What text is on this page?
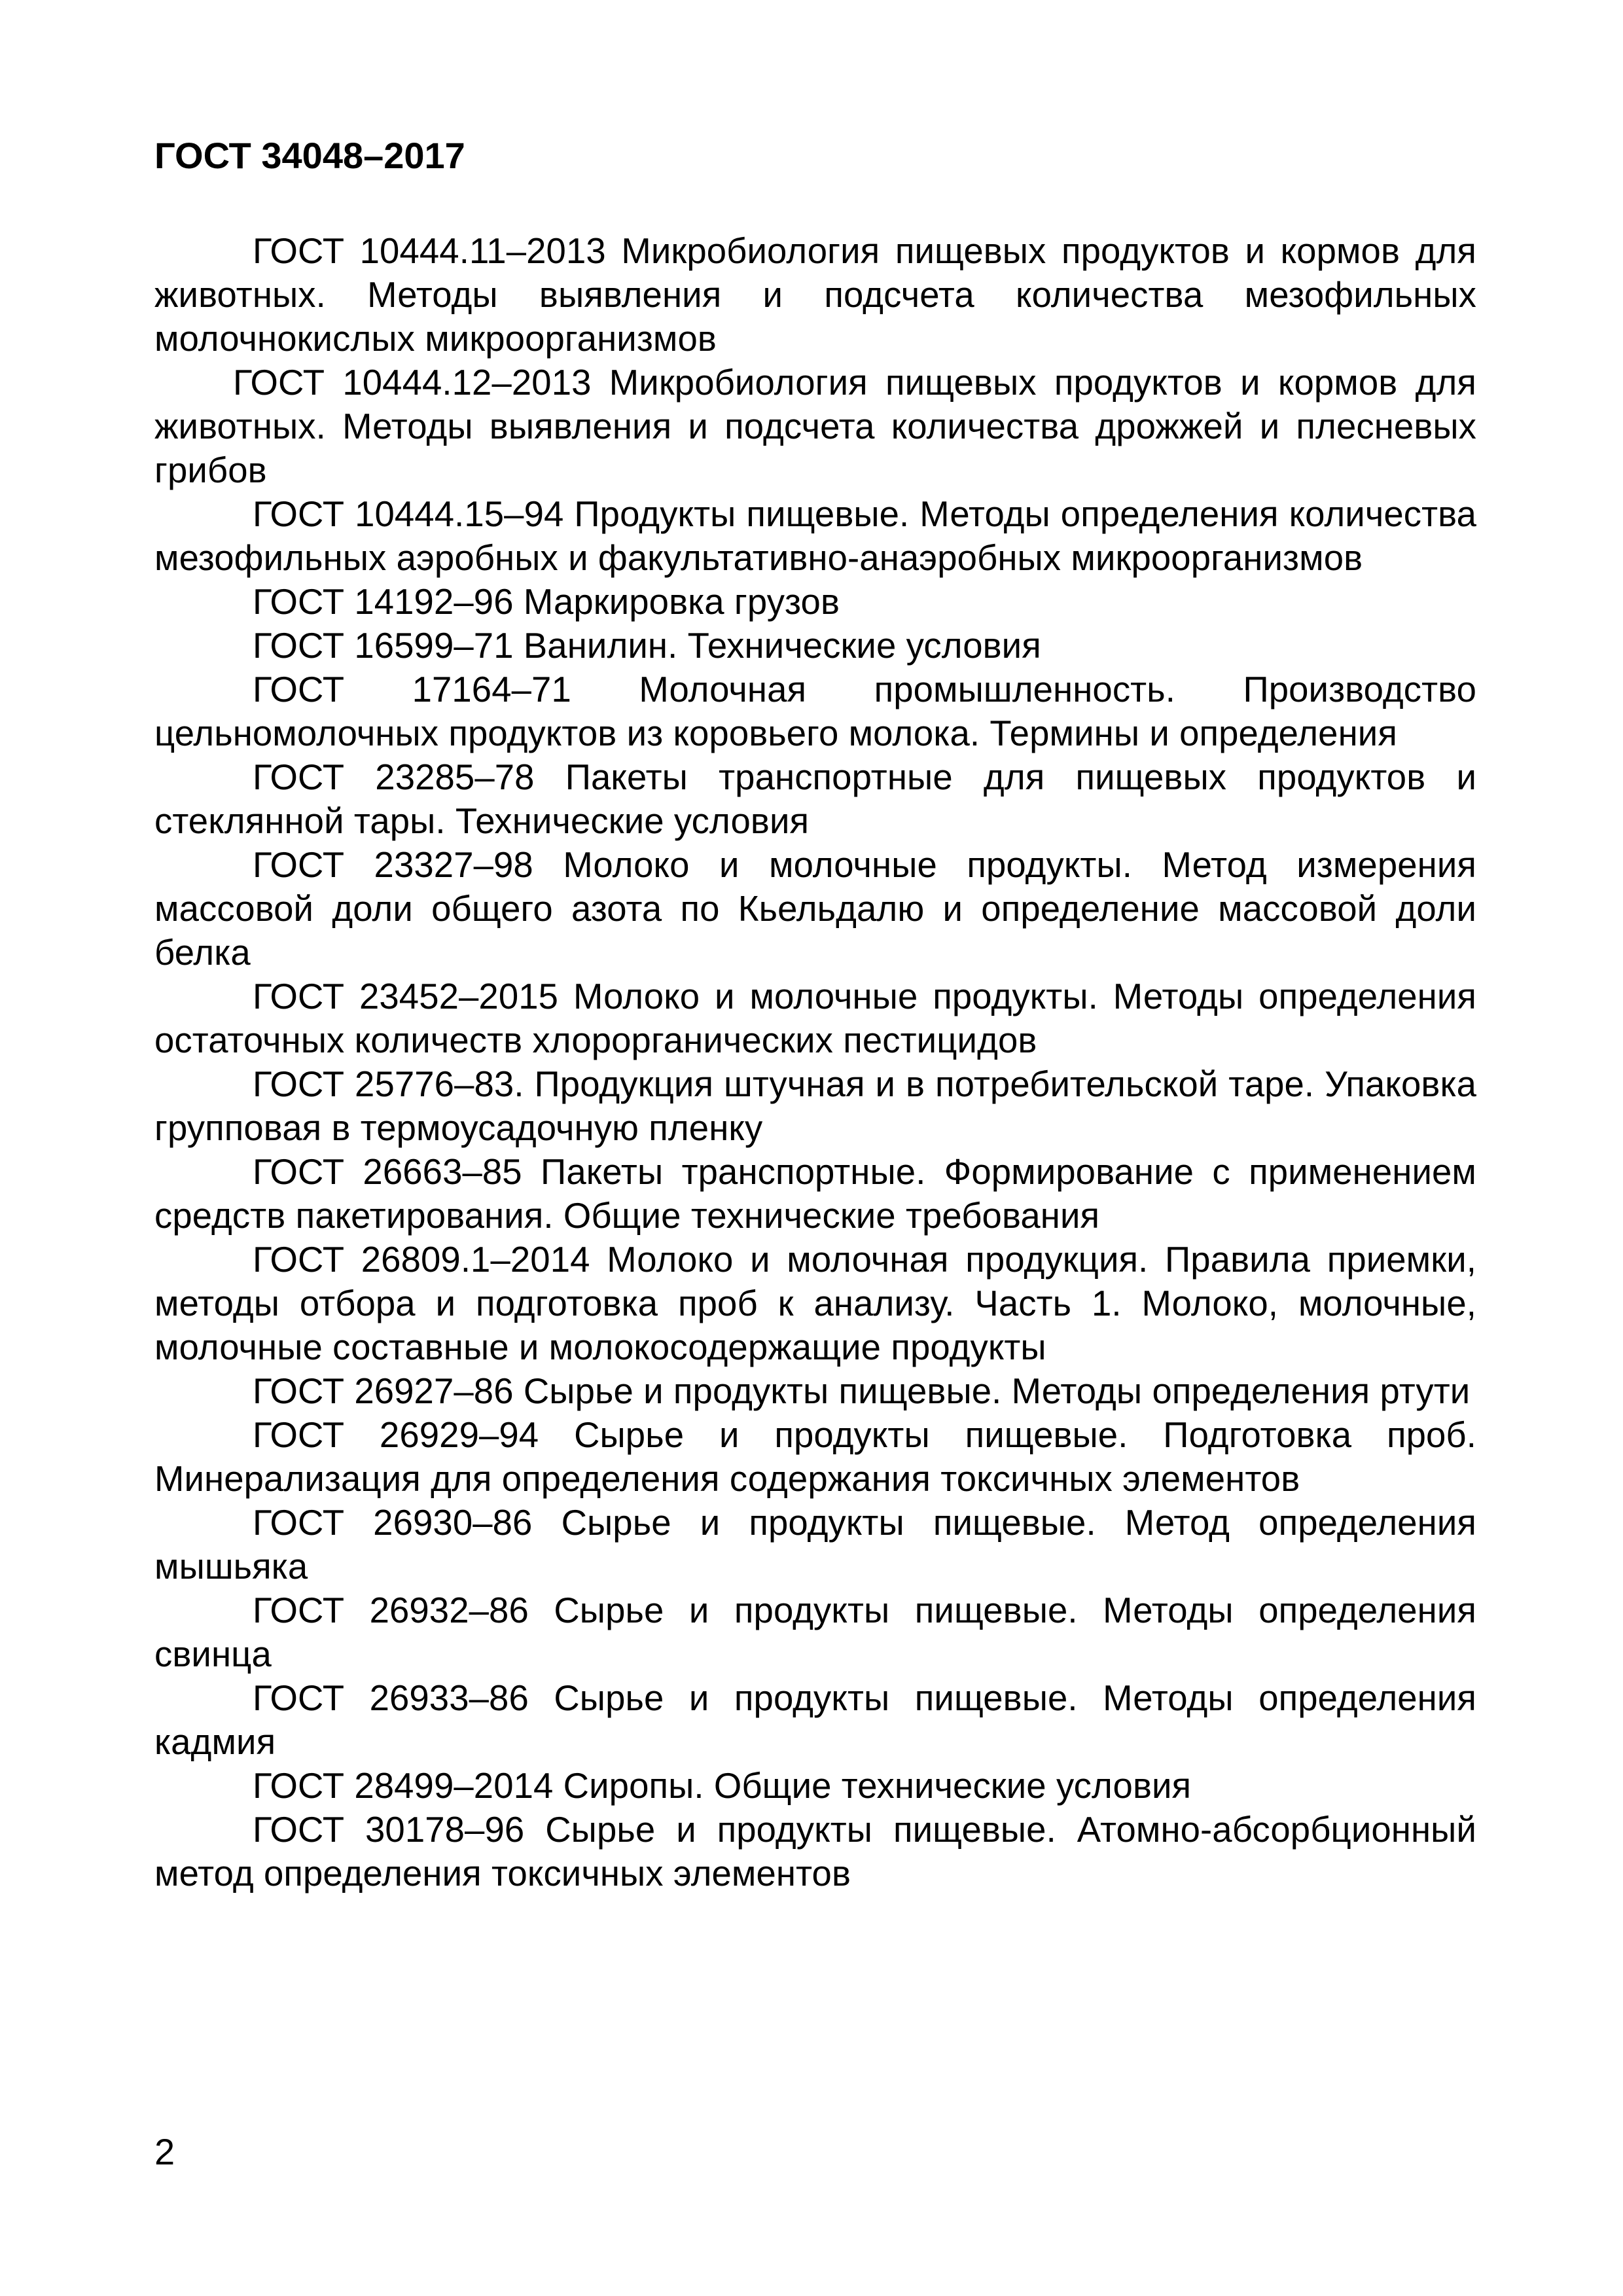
ГОСТ 34048–2017

ГОСТ 10444.11–2013 Микробиология пищевых продуктов и кормов для животных. Методы выявления и подсчета количества мезофильных молочнокислых микроорганизмов

ГОСТ 10444.12–2013 Микробиология пищевых продуктов и кормов для животных. Методы выявления и подсчета количества дрожжей и плесневых грибов

ГОСТ 10444.15–94 Продукты пищевые. Методы определения количества мезофильных аэробных и факультативно-анаэробных микроорганизмов

ГОСТ 14192–96 Маркировка грузов

ГОСТ 16599–71 Ванилин. Технические условия

ГОСТ 17164–71 Молочная промышленность. Производство цельномолочных продуктов из коровьего молока. Термины и определения

ГОСТ 23285–78 Пакеты транспортные для пищевых продуктов и стеклянной тары. Технические условия

ГОСТ 23327–98 Молоко и молочные продукты. Метод измерения массовой доли общего азота по Кьельдалю и определение массовой доли белка

ГОСТ 23452–2015 Молоко и молочные продукты. Методы определения остаточных количеств хлорорганических пестицидов

ГОСТ 25776–83. Продукция штучная и в потребительской таре. Упаковка групповая в термоусадочную пленку

ГОСТ 26663–85 Пакеты транспортные. Формирование с применением средств пакетирования. Общие технические требования

ГОСТ 26809.1–2014 Молоко и молочная продукция. Правила приемки, методы отбора и подготовка проб к анализу. Часть 1. Молоко, молочные, молочные составные и молокосодержащие продукты

ГОСТ 26927–86 Сырье и продукты пищевые. Методы определения ртути

ГОСТ 26929–94 Сырье и продукты пищевые. Подготовка проб. Минерализация для определения содержания токсичных элементов

ГОСТ 26930–86 Сырье и продукты пищевые. Метод определения мышьяка

ГОСТ 26932–86 Сырье и продукты пищевые. Методы определения свинца

ГОСТ 26933–86 Сырье и продукты пищевые. Методы определения кадмия

ГОСТ 28499–2014 Сиропы. Общие технические условия

ГОСТ 30178–96 Сырье и продукты пищевые. Атомно-абсорбционный метод определения токсичных элементов

2
